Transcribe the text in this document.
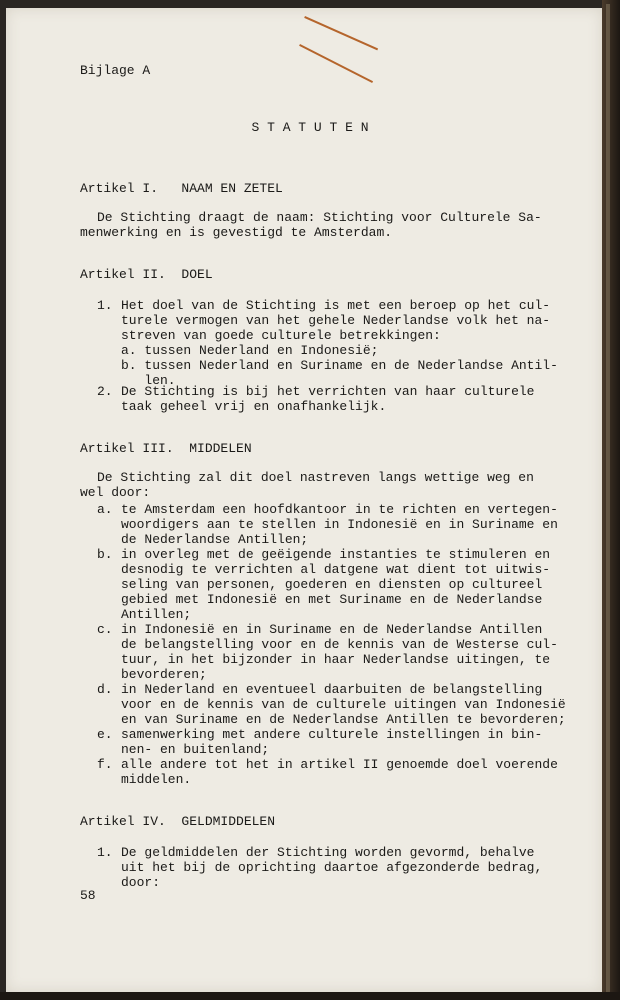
Bijlage A
S T A T U T E N
Artikel I.   NAAM EN ZETEL
De Stichting draagt de naam: Stichting voor Culturele Sa-
menwerking en is gevestigd te Amsterdam.
Artikel II.  DOEL
1. Het doel van de Stichting is met een beroep op het cul-
turele vermogen van het gehele Nederlandse volk het na-
streven van goede culturele betrekkingen:
a. tussen Nederland en Indonesië;
b. tussen Nederland en Suriname en de Nederlandse Antil-
len.
2. De Stichting is bij het verrichten van haar culturele
taak geheel vrij en onafhankelijk.
Artikel III.  MIDDELEN
De Stichting zal dit doel nastreven langs wettige weg en
wel door:
a. te Amsterdam een hoofdkantoor in te richten en vertegen-
woordigers aan te stellen in Indonesië en in Suriname en
de Nederlandse Antillen;
b. in overleg met de geëigende instanties te stimuleren en
desnodig te verrichten al datgene wat dient tot uitwis-
seling van personen, goederen en diensten op cultureel
gebied met Indonesië en met Suriname en de Nederlandse
Antillen;
c. in Indonesië en in Suriname en de Nederlandse Antillen
de belangstelling voor en de kennis van de Westerse cul-
tuur, in het bijzonder in haar Nederlandse uitingen, te
bevorderen;
d. in Nederland en eventueel daarbuiten de belangstelling
voor en de kennis van de culturele uitingen van Indonesië
en van Suriname en de Nederlandse Antillen te bevorderen;
e. samenwerking met andere culturele instellingen in bin-
nen- en buitenland;
f. alle andere tot het in artikel II genoemde doel voerende
middelen.
Artikel IV.  GELDMIDDELEN
1. De geldmiddelen der Stichting worden gevormd, behalve
uit het bij de oprichting daartoe afgezonderde bedrag,
door:
58
